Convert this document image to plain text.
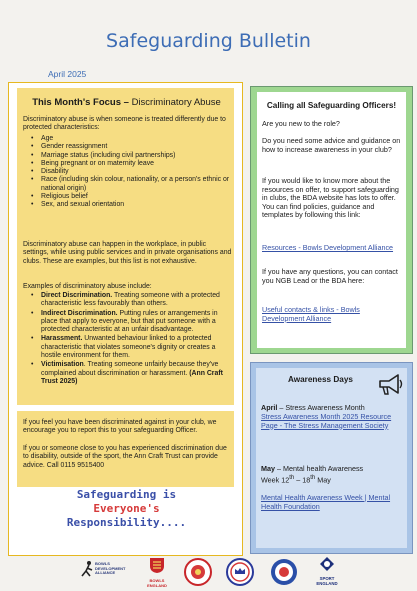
Safeguarding Bulletin
April 2025
This Month's Focus – Discriminatory Abuse
Discriminatory abuse is when someone is treated differently due to protected characteristics:
• Age
• Gender reassignment
• Marriage status (including civil partnerships)
• Being pregnant or on maternity leave
• Disability
• Race (including skin colour, nationality, or a person's ethnic or national origin)
• Religious belief
• Sex, and sexual orientation
Discriminatory abuse can happen in the workplace, in public settings, while using public services and in private organisations and clubs. These are examples, but this list is not exhaustive.
Examples of discriminatory abuse include:
• Direct Discrimination. Treating someone with a protected characteristic less favourably than others.
• Indirect Discrimination. Putting rules or arrangements in place that apply to everyone, but that put someone with a protected characteristic at an unfair disadvantage.
• Harassment. Unwanted behaviour linked to a protected characteristic that violates someone's dignity or creates a hostile environment for them.
• Victimisation. Treating someone unfairly because they've complained about discrimination or harassment. (Ann Craft Trust 2025)
If you feel you have been discriminated against in your club, we encourage you to report this to your safeguarding Officer.
If you or someone close to you has experienced discrimination due to disability, outside of the sport, the Ann Craft Trust can provide advice. Call 0115 9515400
Safeguarding is
Everyone's
Responsibility....
Calling all Safeguarding Officers!
Are you new to the role?
Do you need some advice and guidance on how to increase awareness in your club?
If you would like to know more about the resources on offer, to support safeguarding in clubs, the BDA website has lots to offer. You can find policies, guidance and templates by following this link:
Resources - Bowls Development Alliance
If you have any questions, you can contact you NGB Lead or the BDA here:
Useful contacts & links - Bowls Development Alliance
Awareness Days
April – Stress Awareness Month
Stress Awareness Month 2025 Resource Page - The Stress Management Society
May – Mental health Awareness
Week 12th – 18th May
Mental Health Awareness Week | Mental Health Foundation
BOWLS
DEVELOPMENT
ALLIANCE
BOWLS ENGLAND
SPORT
ENGLAND
